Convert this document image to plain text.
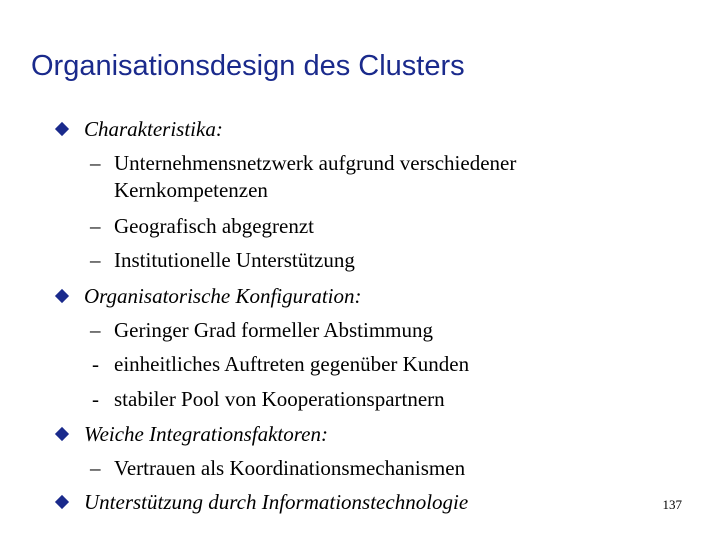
Organisationsdesign des Clusters
Charakteristika:
– Unternehmensnetzwerk aufgrund verschiedener
Kernkompetenzen
– Geografisch abgegrenzt
– Institutionelle Unterstützung
Organisatorische Konfiguration:
– Geringer Grad formeller Abstimmung
- einheitliches Auftreten gegenüber Kunden
- stabiler Pool von Kooperationspartnern
Weiche Integrationsfaktoren:
– Vertrauen als Koordinationsmechanismen
Unterstützung durch Informationstechnologie	137
